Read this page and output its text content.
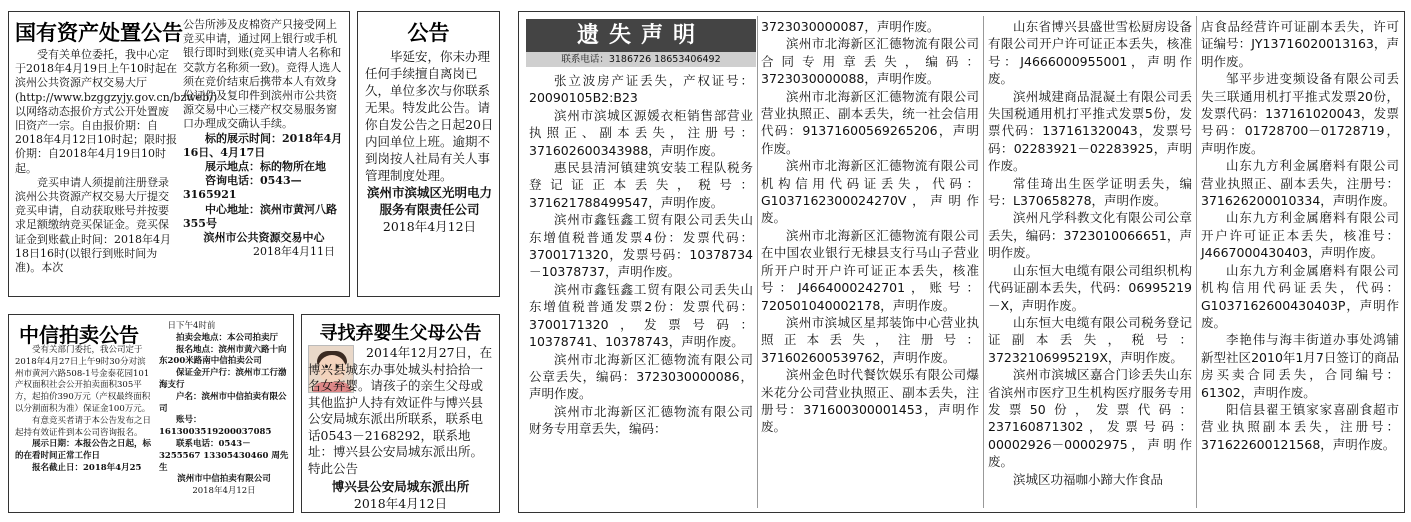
国有资产处置公告

受有关单位委托，我中心定于2018年4月19日上午10时起在滨州公共资源产权交易大厅(http://www.bzggzyjy.gov.cn/bzweb/)以网络动态报价方式公开处置废旧资产一宗。自由报价期：自2018年4月12日10时起；限时报价期：自2018年4月19日10时起。

竞买申请人须提前注册登录滨州公共资源产权交易大厅提交竞买申请，自动获取账号并按要求足额缴纳竞买保证金。竞买保证金到账截止时间：2018年4月18日16时(以银行到账时间为准)。本次

公告所涉及皮棉资产只接受网上竞买申请，通过网上银行或手机银行即时到账(竞买申请人名称和交款方名称须一致)。竞得人选人须在竞价结束后携带本人有效身份证件及复印件到滨州市公共资源交易中心三楼产权交易服务窗口办理成交确认手续。

标的展示时间：2018年4月16日、4月17日

展示地点：标的物所在地

咨询电话：0543—3165921

中心地址：滨州市黄河八路355号

滨州市公共资源交易中心

2018年4月11日

公告

毕延安，你未办理任何手续擅自离岗已久，单位多次与你联系无果。特发此公告。请你自发公告之日起20日内回单位上班。逾期不到岗按人社局有关人事管理制度处理。

滨州市滨城区光明电力服务有限责任公司

2018年4月12日

中信拍卖公告

受有关部门委托，我公司定于2018年4月27日上午9时30分对滨州市黄河六路508-1号金泰花园101产权面积社会公开拍卖面积305平方，起拍价390万元（产权最终面积以分割面积为准）保证金100万元。

有意竞买者请于本公告发布之日起持有效证件到本公司咨询报名。

展示日期：本报公告之日起，标的在看时间正常工作日

报名截止日：2018年4月25

日下午4时前

拍卖会地点：本公司拍卖厅

报名地点：滨州市黄六路十向东200米路南中信拍卖公司

保证金开户行：滨州市工行渤海支行

户名：滨州市中信拍卖有限公司

账号：1613003519200037085

联系电话：0543－3255567 13305430460 周先生

滨州市中信拍卖有限公司

2018年4月12日

寻找弃婴生父母公告
2014年12月27日，在博兴县城东办事处城头村拾拾一名女弃婴。请孩子的亲生父母或其他监护人持有效证件与博兴县公安局城东派出所联系，联系电话0543－2168292，联系地址：博兴县公安局城东派出所。特此公告
博兴县公安局城东派出所
2018年4月12日
遗失声明
联系电话：3186726 18653406492

张立波房产证丢失，产权证号：20090105B2:B23

滨州市滨城区源媛衣柜销售部营业执照正、副本丢失，注册号：371602600343988，声明作废。

惠民县清河镇建筑安装工程队税务登记证正本丢失，税号：371621788499547，声明作废。

滨州市鑫钰鑫工贸有限公司丢失山东增值税普通发票4份：发票代码：3700171320，发票号码：10378734－10378737，声明作废。

滨州市鑫钰鑫工贸有限公司丢失山东增值税普通发票2份：发票代码：3700171320，发票号码：10378741、10378743，声明作废。

滨州市北海新区汇德物流有限公司公章丢失，编码：3723030000086，声明作废。

滨州市北海新区汇德物流有限公司财务专用章丢失，编码：

3723030000087，声明作废。

滨州市北海新区汇德物流有限公司合同专用章丢失，编码：3723030000088，声明作废。

滨州市北海新区汇德物流有限公司营业执照正、副本丢失，统一社会信用代码：91371600569265206，声明作废。

滨州市北海新区汇德物流有限公司机构信用代码证丢失，代码：G1037162300024270V，声明作废。

滨州市北海新区汇德物流有限公司在中国农业银行无棣县支行马山子营业所开户时开户许可证正本丢失，核准号：J4664000242701，账号：720501040002178，声明作废。

滨州市滨城区星邦装饰中心营业执照正本丢失，注册号：371602600539762，声明作废。

滨州金色时代餐饮娱乐有限公司爆米花分公司营业执照正、副本丢失，注册号：371600300001453，声明作废。

山东省博兴县盛世雪松厨房设备有限公司开户许可证正本丢失，核准号：J4666000955001，声明作废。

滨州城建商品混凝土有限公司丢失国税通用机打平推式发票5份，发票代码：137161320043，发票号码：02283921－02283925，声明作废。

常佳琦出生医学证明丢失，编号：L370658278，声明作废。

滨州凡学科教文化有限公司公章丢失，编码：3723010066651，声明作废。

山东恒大电缆有限公司组织机构代码证副本丢失，代码：06995219－X，声明作废。

山东恒大电缆有限公司税务登记证副本丢失，税号：37232106995219X，声明作废。

滨州市滨城区嘉合门诊丢失山东省滨州市医疗卫生机构医疗服务专用发票50份，发票代码：237160871302，发票号码：00002926－00002975，声明作废。

滨城区功福咖小蹄大作食品

店食品经营许可证副本丢失，许可证编号：JY13716020013163，声明作废。

邹平步进变频设备有限公司丢失三联通用机打平推式发票20份，发票代码：137161020043，发票号码：01728700－01728719，声明作废。

山东九方利金属磨料有限公司营业执照正、副本丢失，注册号：371626200010334，声明作废。

山东九方利金属磨料有限公司开户许可证正本丢失，核准号：J4667000430403，声明作废。

山东九方利金属磨料有限公司机构信用代码证丢失，代码：G1037162600430403P，声明作废。

李艳伟与海丰街道办事处鸿铺新型社区2010年1月7日签订的商品房买卖合同丢失，合同编号：61302，声明作废。

阳信县翟王镇家家喜副食超市营业执照副本丢失，注册号：371622600121568，声明作废。
